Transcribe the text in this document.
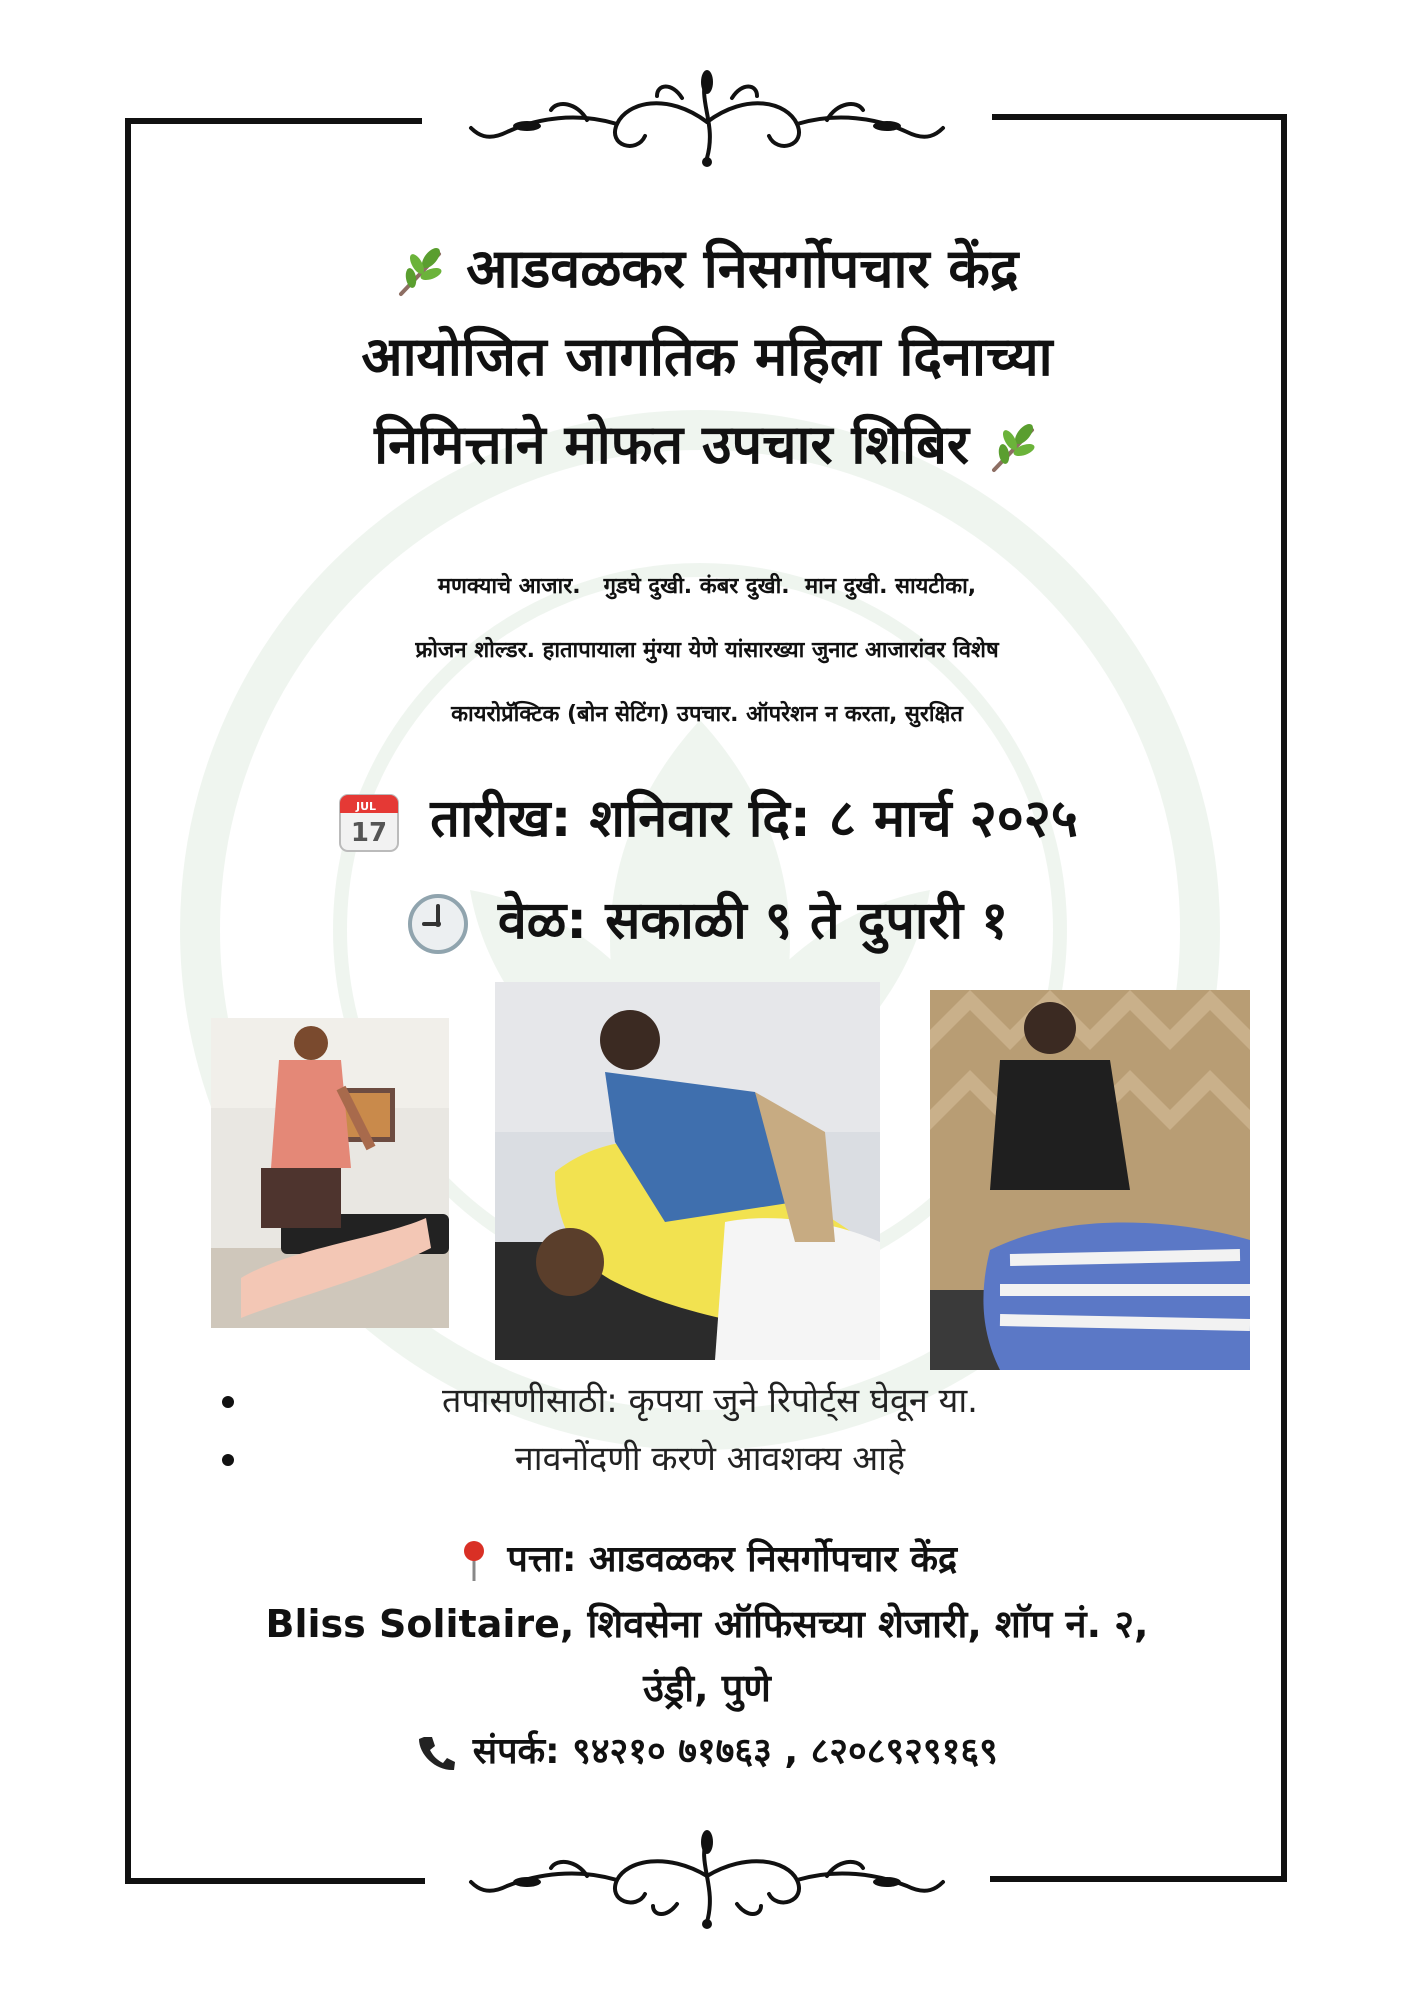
आडवळकर निसर्गोपचार केंद्र
आयोजित जागतिक महिला दिनाच्या
निमित्ताने मोफत उपचार शिबिर
मणक्याचे आजार.   गुडघे दुखी. कंबर दुखी.  मान दुखी. सायटीका,
फ्रोजन शोल्डर. हातापायाला मुंग्या येणे यांसारख्या जुनाट आजारांवर विशेष
कायरोप्रॅक्टिक (बोन सेटिंग) उपचार. ऑपरेशन न करता, सुरक्षित
JUL
17 तारीख: शनिवार दि: ८ मार्च २०२५
वेळ: सकाळी ९ ते दुपारी १
तपासणीसाठी: कृपया जुने रिपोर्ट्स घेवून या.
नावनोंदणी करणे आवशक्य आहे
पत्ता: आडवळकर निसर्गोपचार केंद्र
Bliss Solitaire, शिवसेना ऑफिसच्या शेजारी, शॉप नं. २,
उंड्री, पुणे
संपर्क: ९४२१० ७१७६३ , ८२०८९२९१६९
